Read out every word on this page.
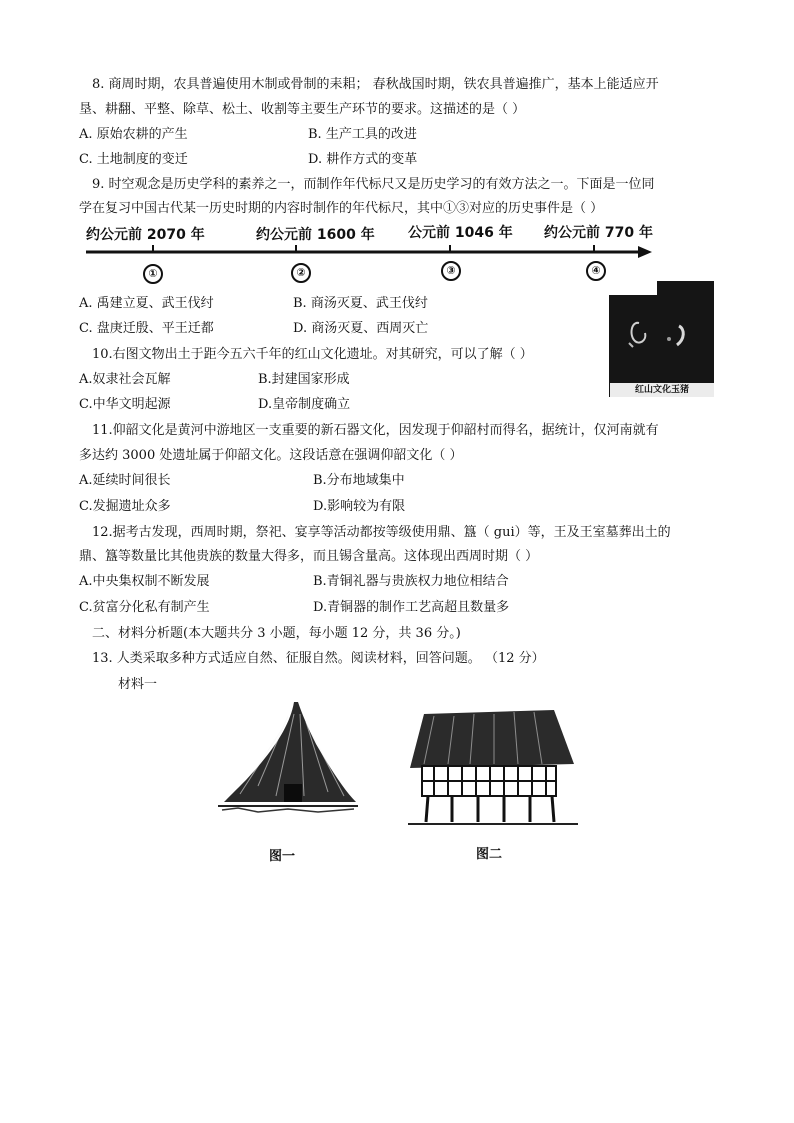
8. 商周时期，农具普遍使用木制或骨制的耒耜； 春秋战国时期，铁农具普遍推广，基本上能适应开
垦、耕翻、平整、除草、松土、收割等主要生产环节的要求。这描述的是（ ）
A. 原始农耕的产生	B. 生产工具的改进
C. 土地制度的变迁	D. 耕作方式的变革
9. 时空观念是历史学科的素养之一，而制作年代标尺又是历史学习的有效方法之一。下面是一位同
学在复习中国古代某一历史时期的内容时制作的年代标尺，其中①③对应的历史事件是（ ）
约公元前 2070 年	约公元前 1600 年 公元前 1046 年 约公元前 770 年
①	②	③	④
A. 禹建立夏、武王伐纣	B. 商汤灭夏、武王伐纣
C. 盘庚迁殷、平王迁都	D. 商汤灭夏、西周灭亡
红山文化玉猪
10.右图文物出土于距今五六千年的红山文化遗址。对其研究，可以了解（ ）
A.奴隶社会瓦解	B.封建国家形成
C.中华文明起源	D.皇帝制度确立
11.仰韶文化是黄河中游地区一支重要的新石器文化，因发现于仰韶村而得名，据统计，仅河南就有
多达约 3000 处遗址属于仰韶文化。这段话意在强调仰韶文化（ ）
A.延续时间很长	B.分布地域集中
C.发掘遗址众多	D.影响较为有限
12.据考古发现，西周时期，祭祀、宴享等活动都按等级使用鼎、簋（ gui）等，王及王室墓葬出土的
鼎、簋等数量比其他贵族的数量大得多，而且锡含量高。这体现出西周时期（ ）
A.中央集权制不断发展	B.青铜礼器与贵族权力地位相结合
C.贫富分化私有制产生	D.青铜器的制作工艺高超且数量多
二、材料分析题(本大题共分 3 小题，每小题 12 分，共 36 分。)
13. 人类采取多种方式适应自然、征服自然。阅读材料，回答问题。 （12 分）
材料一
图一	图二
